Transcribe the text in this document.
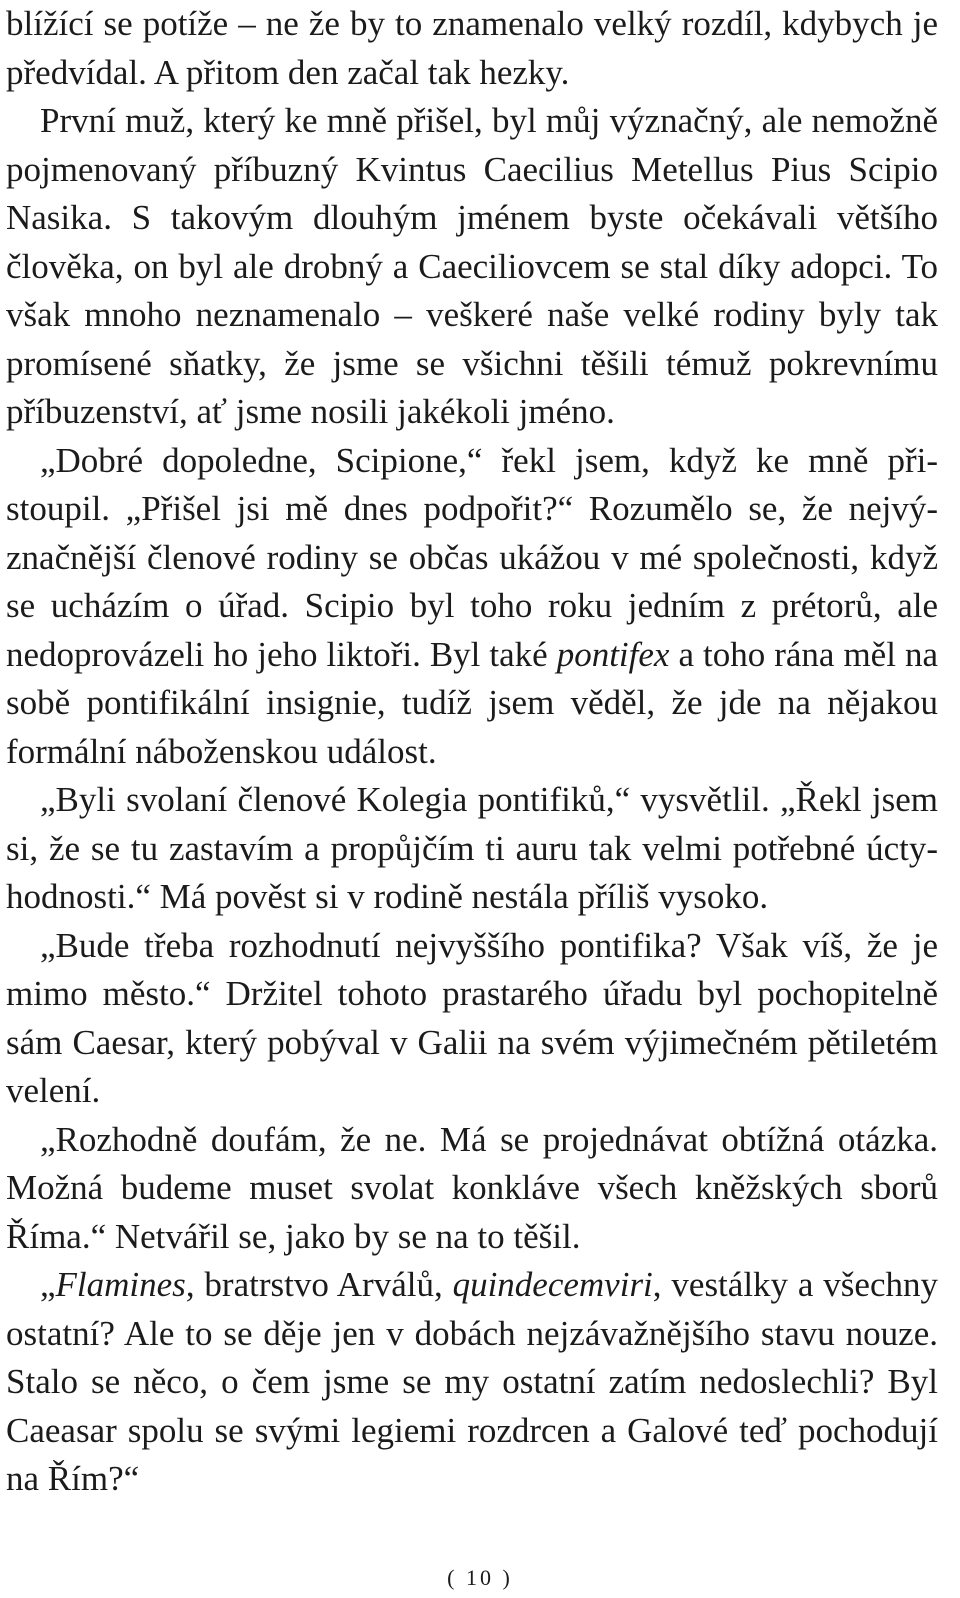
blížící se potíže – ne že by to znamenalo velký rozdíl, kdybych je předvídal. A přitom den začal tak hezky.

První muž, který ke mně přišel, byl můj význačný, ale nemožně pojmenovaný příbuzný Kvintus Caecilius Metellus Pius Scipio Nasika. S takovým dlouhým jménem byste očekávali většího člověka, on byl ale drobný a Caeciliovcem se stal díky adopci. To však mnoho neznamenalo – veškeré naše velké rodiny byly tak promísené sňatky, že jsme se všichni těšili témuž pokrevnímu příbuzenství, ať jsme nosili jakékoli jméno.

„Dobré dopoledne, Scipione,“ řekl jsem, když ke mně přistoupil. „Přišel jsi mě dnes podpořit?“ Rozumělo se, že nejvýznačnější členové rodiny se občas ukážou v mé společnosti, když se ucházím o úřad. Scipio byl toho roku jedním z prétorů, ale nedoprovázeli ho jeho liktoři. Byl také pontifex a toho rána měl na sobě pontifikální insignie, tudíž jsem věděl, že jde na nějakou formální náboženskou událost.

„Byli svolaní členové Kolegia pontifiků,“ vysvětlil. „Řekl jsem si, že se tu zastavím a propůjčím ti auru tak velmi potřebné úctyhodnosti.“ Má pověst si v rodině nestála příliš vysoko.

„Bude třeba rozhodnutí nejvyššího pontifika? Však víš, že je mimo město.“ Držitel tohoto prastarého úřadu byl pochopitelně sám Caesar, který pobýval v Galii na svém výjimečném pětiletém velení.

„Rozhodně doufám, že ne. Má se projednávat obtížná otázka. Možná budeme muset svolat konkláve všech kněžských sborů Říma.“ Netvářil se, jako by se na to těšil.

„Flamines, bratrstvo Arválů, quindecemviri, vestálky a všechny ostatní? Ale to se děje jen v dobách nejzávažnějšího stavu nouze. Stalo se něco, o čem jsme se my ostatní zatím nedoslechli? Byl Caeasar spolu se svými legiemi rozdrcen a Galové teď pochodují na Řím?“

( 10 )
